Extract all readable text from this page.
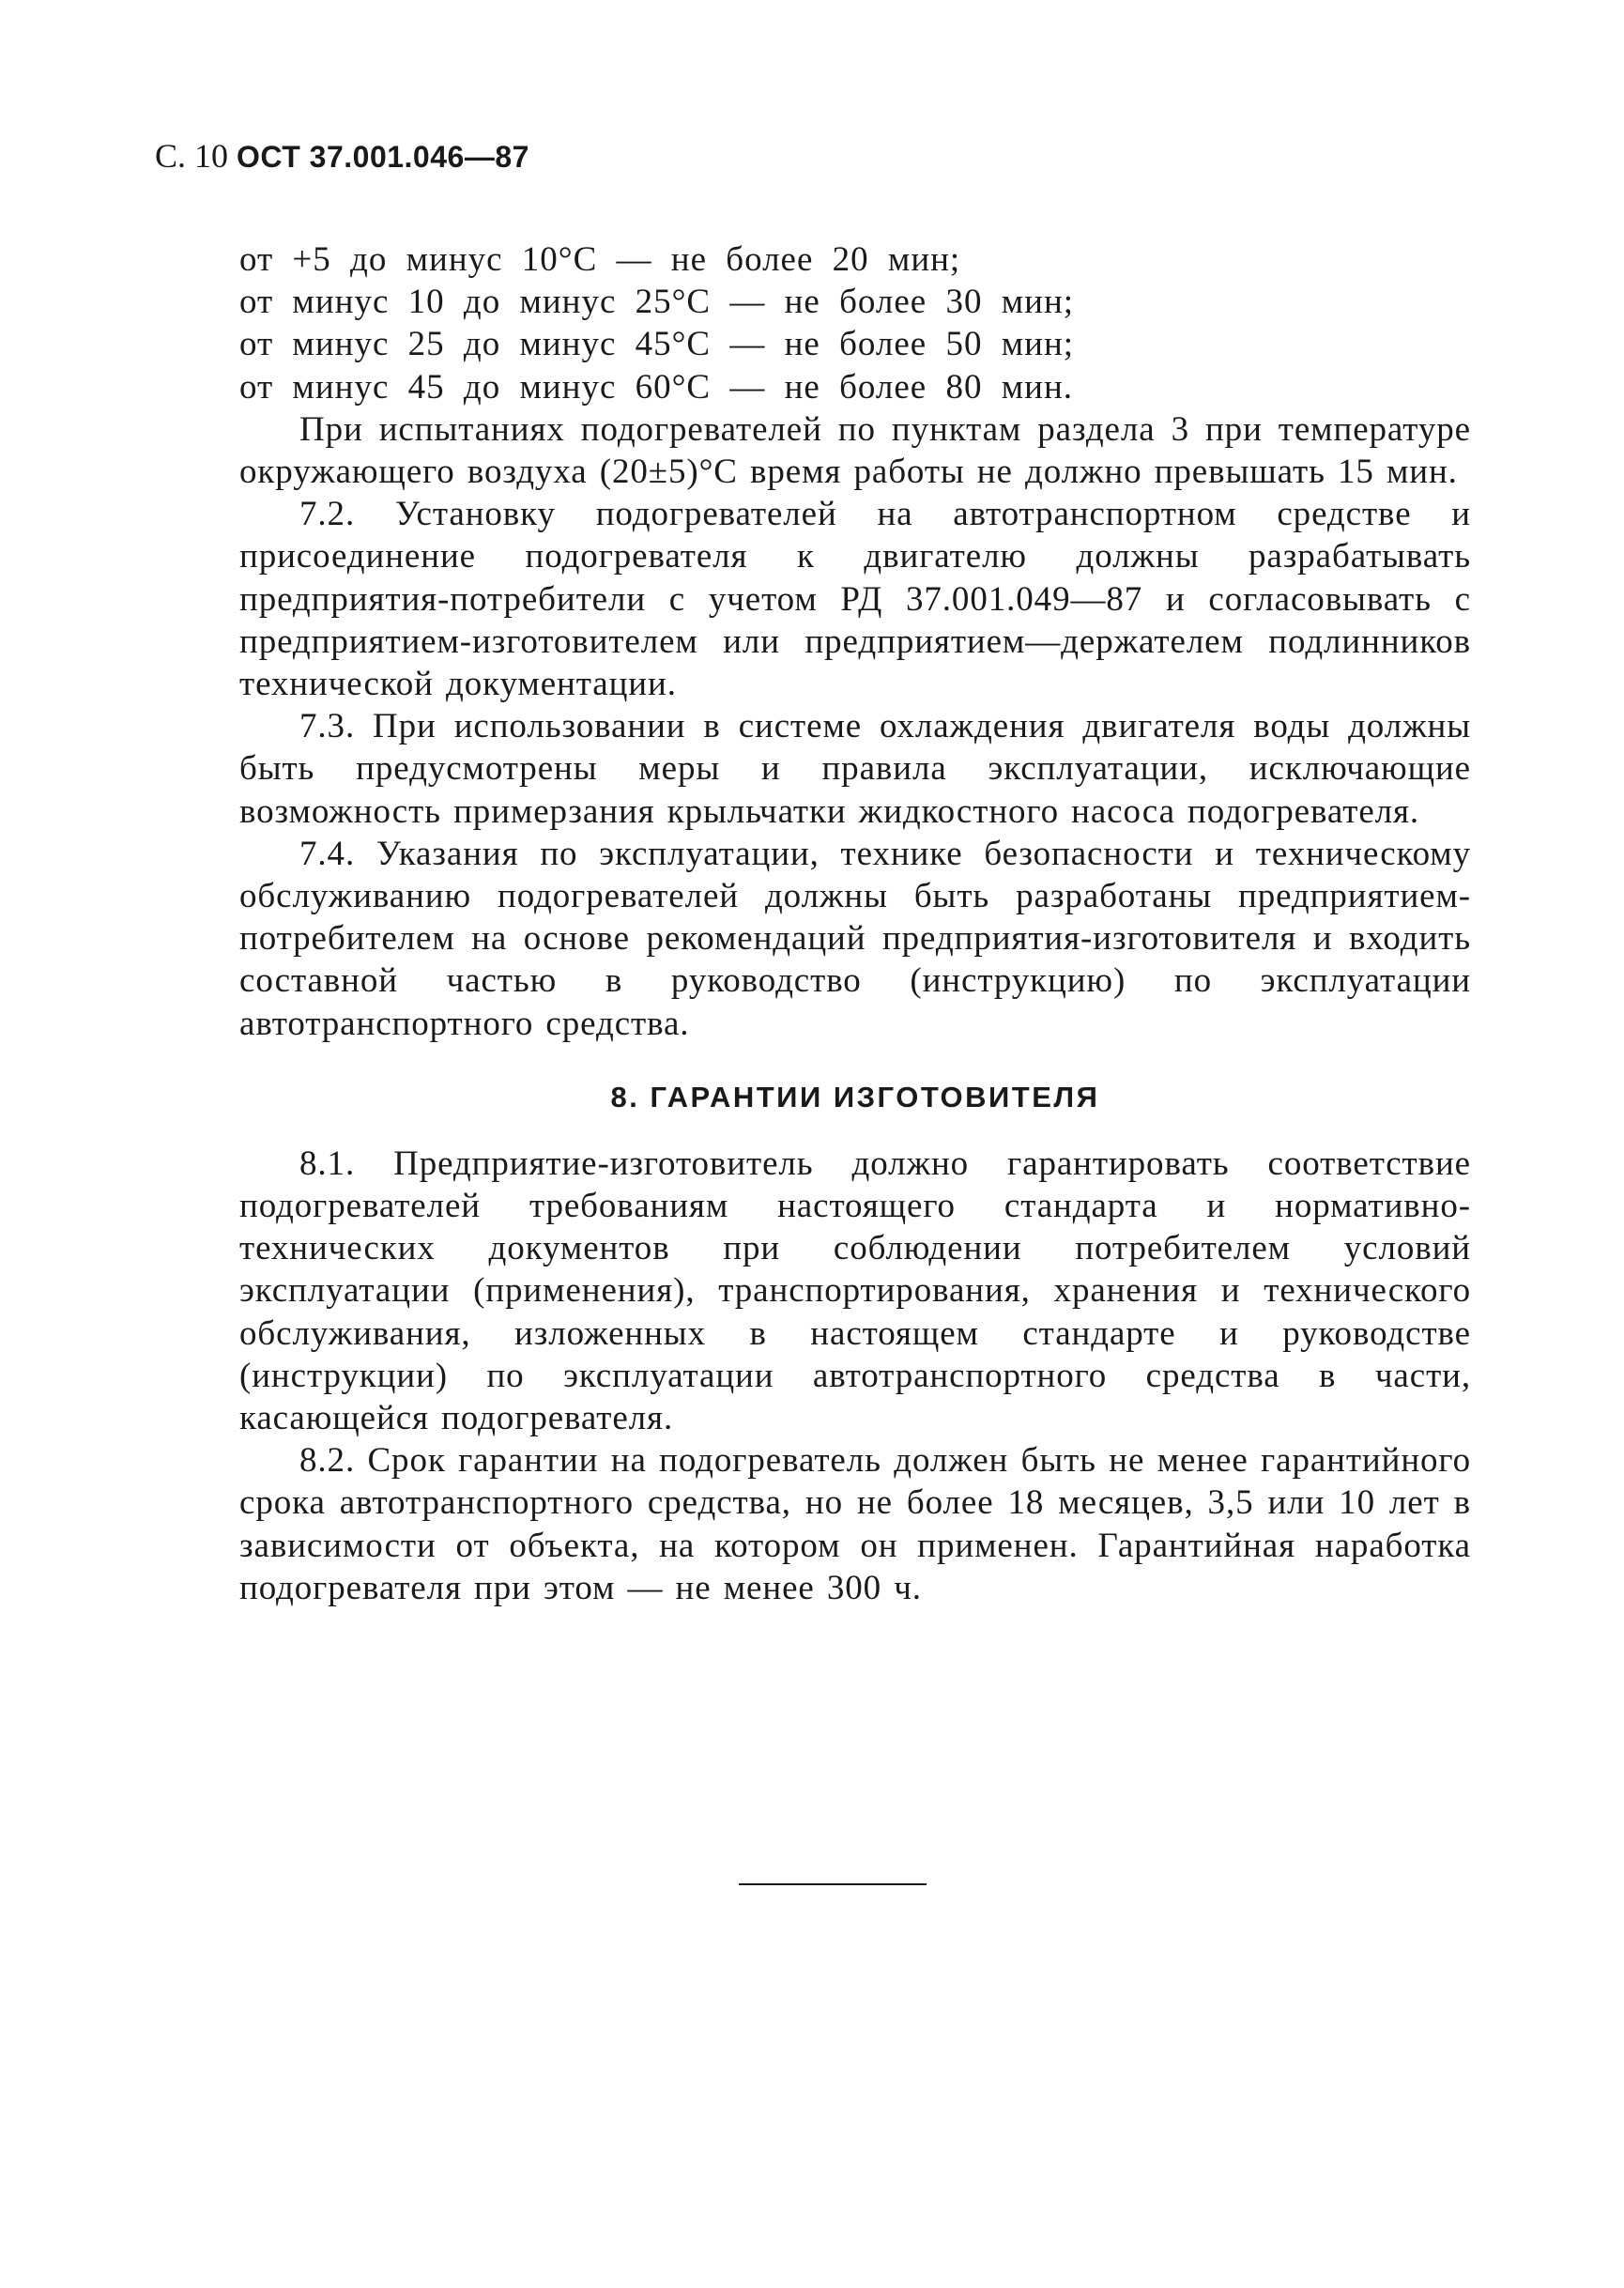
С. 10 ОСТ 37.001.046—87
от +5 до минус 10°С — не более 20 мин;
от минус 10 до минус 25°С — не более 30 мин;
от минус 25 до минус 45°С — не более 50 мин;
от минус 45 до минус 60°С — не более 80 мин.

При испытаниях подогревателей по пунктам раздела 3 при температуре окружающего воздуха (20±5)°С время работы не должно превышать 15 мин.

7.2. Установку подогревателей на автотранспортном средстве и присоединение подогревателя к двигателю должны разрабатывать предприятия-потребители с учетом РД 37.001.049—87 и согласовывать с предприятием-изготовителем или предприятием—держателем подлинников технической документации.

7.3. При использовании в системе охлаждения двигателя воды должны быть предусмотрены меры и правила эксплуатации, исключающие возможность примерзания крыльчатки жидкостного насоса подогревателя.

7.4. Указания по эксплуатации, технике безопасности и техническому обслуживанию подогревателей должны быть разработаны предприятием-потребителем на основе рекомендаций предприятия-изготовителя и входить составной частью в руководство (инструкцию) по эксплуатации автотранспортного средства.

8. ГАРАНТИИ ИЗГОТОВИТЕЛЯ

8.1. Предприятие-изготовитель должно гарантировать соответствие подогревателей требованиям настоящего стандарта и нормативно-технических документов при соблюдении потребителем условий эксплуатации (применения), транспортирования, хранения и технического обслуживания, изложенных в настоящем стандарте и руководстве (инструкции) по эксплуатации автотранспортного средства в части, касающейся подогревателя.

8.2. Срок гарантии на подогреватель должен быть не менее гарантийного срока автотранспортного средства, но не более 18 месяцев, 3,5 или 10 лет в зависимости от объекта, на котором он применен. Гарантийная наработка подогревателя при этом — не менее 300 ч.
